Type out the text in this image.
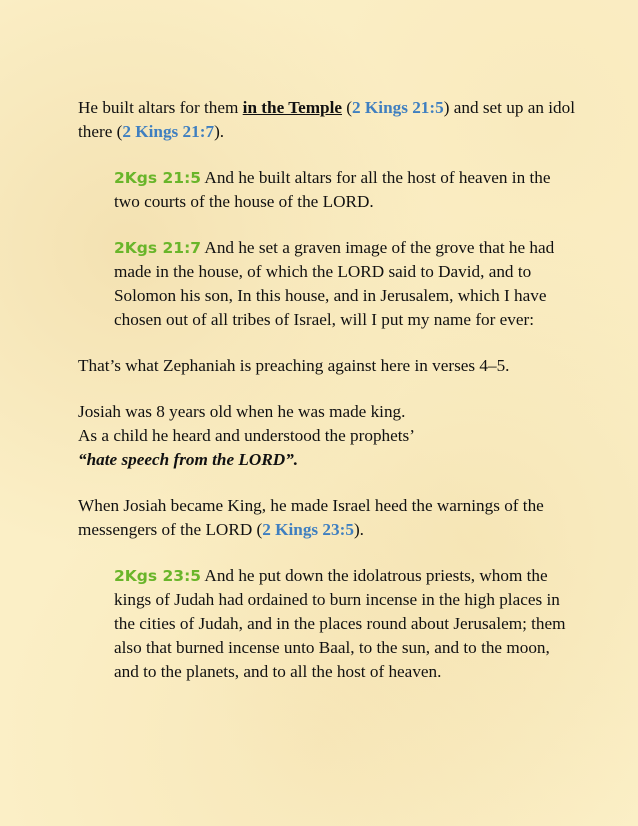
He built altars for them in the Temple (2 Kings 21:5) and set up an idol there (2 Kings 21:7).

2Kgs 21:5 And he built altars for all the host of heaven in the two courts of the house of the LORD.

2Kgs 21:7 And he set a graven image of the grove that he had made in the house, of which the LORD said to David, and to Solomon his son, In this house, and in Jerusalem, which I have chosen out of all tribes of Israel, will I put my name for ever:

That’s what Zephaniah is preaching against here in verses 4–5.

Josiah was 8 years old when he was made king.
As a child he heard and understood the prophets’
“hate speech from the LORD”.

When Josiah became King, he made Israel heed the warnings of the messengers of the LORD (2 Kings 23:5).

2Kgs 23:5 And he put down the idolatrous priests, whom the kings of Judah had ordained to burn incense in the high places in the cities of Judah, and in the places round about Jerusalem; them also that burned incense unto Baal, to the sun, and to the moon, and to the planets, and to all the host of heaven.
